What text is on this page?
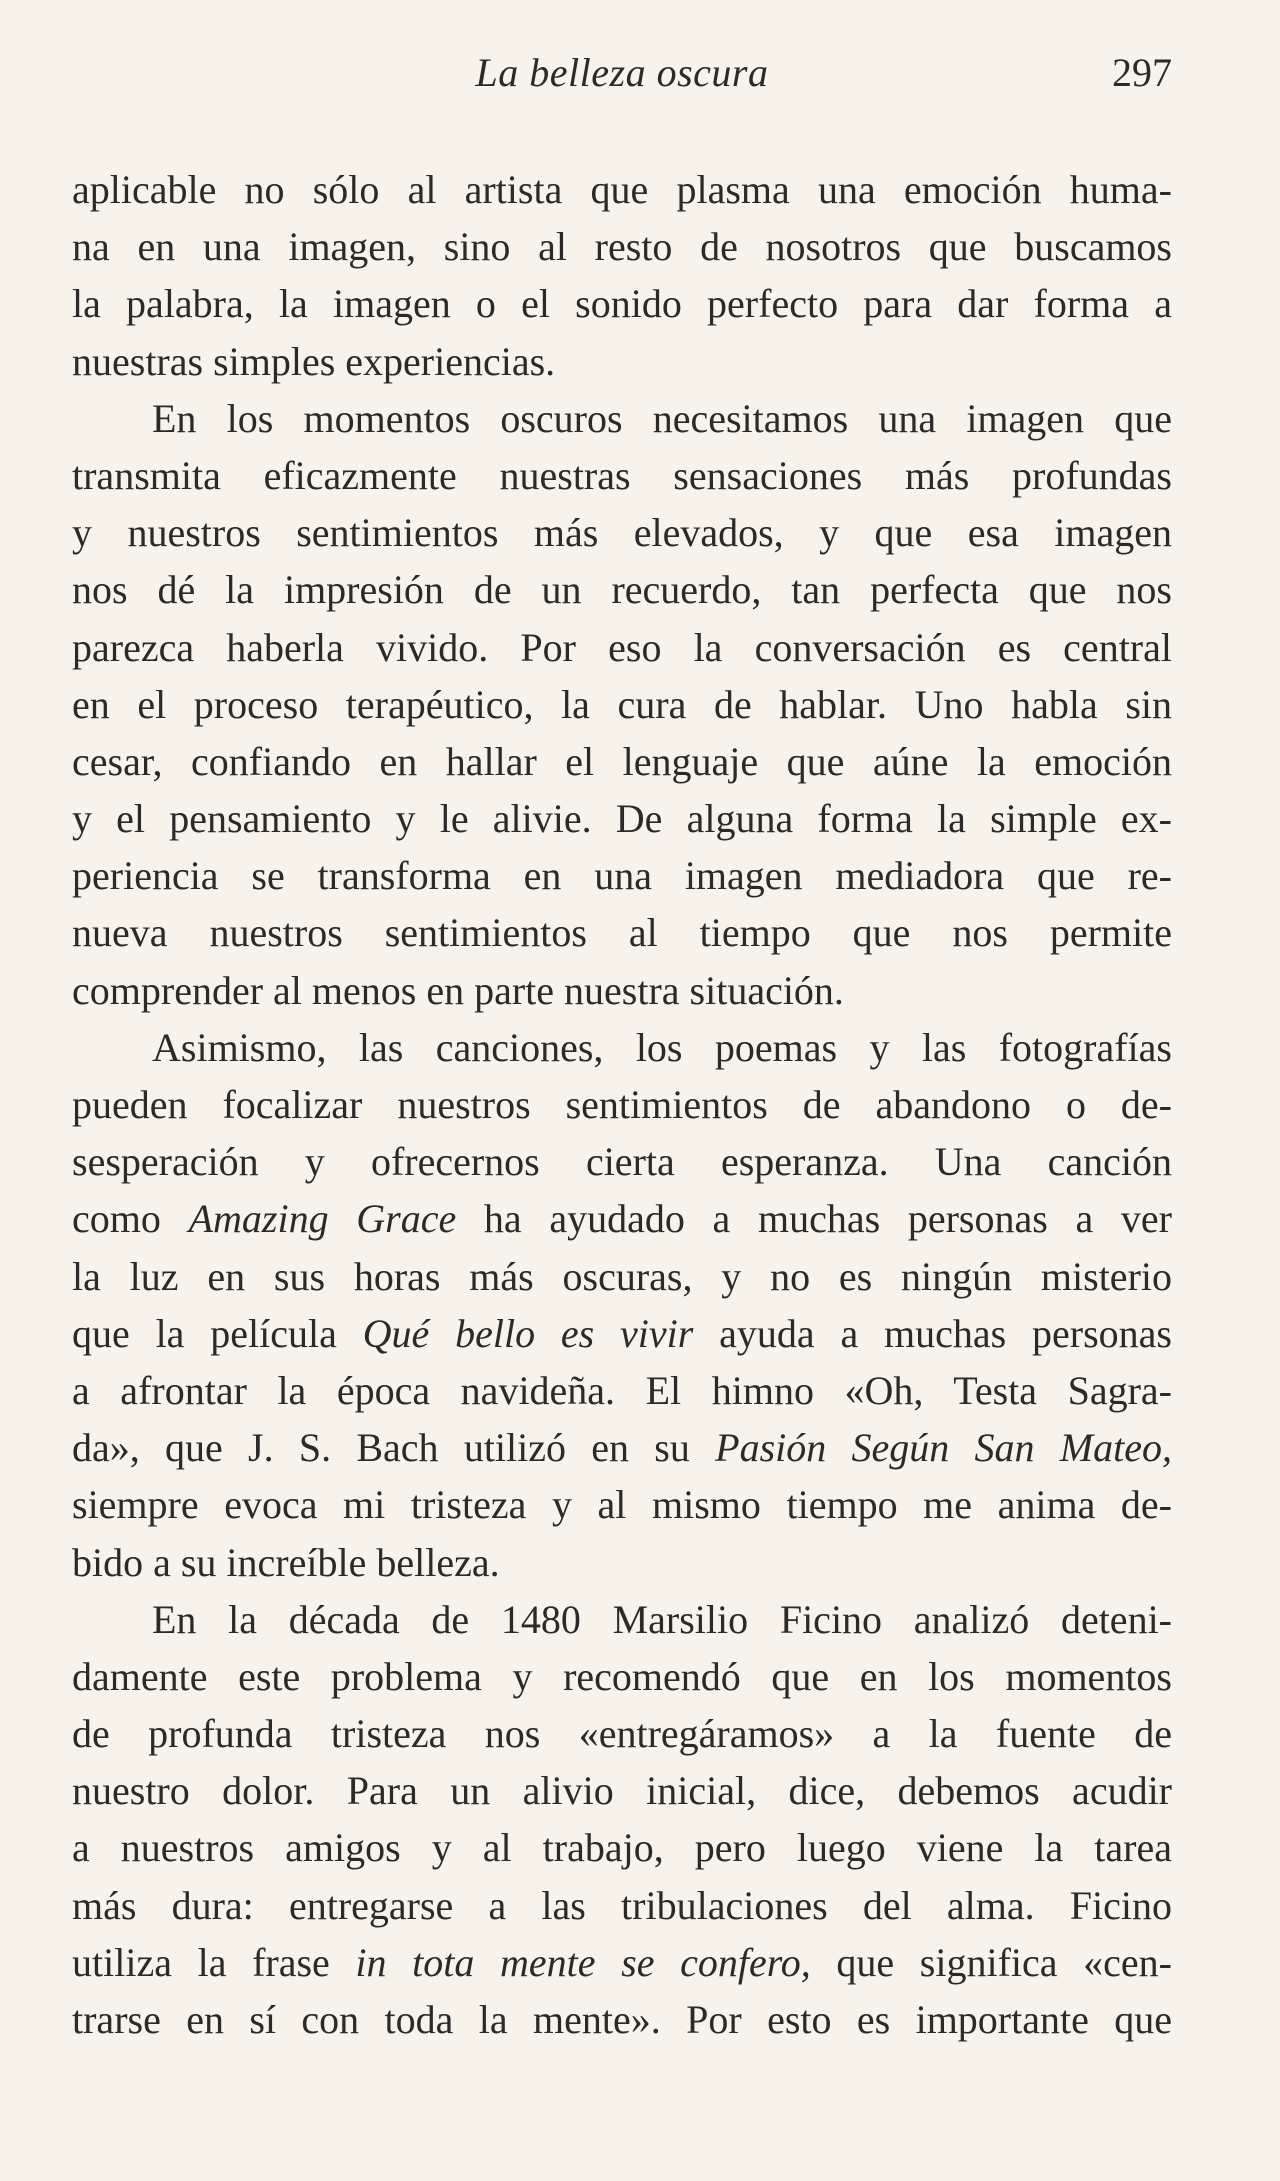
La belleza oscura	297
aplicable no sólo al artista que plasma una emoción huma-
na en una imagen, sino al resto de nosotros que buscamos
la palabra, la imagen o el sonido perfecto para dar forma a
nuestras simples experiencias.
En los momentos oscuros necesitamos una imagen que
transmita eficazmente nuestras sensaciones más profundas
y nuestros sentimientos más elevados, y que esa imagen
nos dé la impresión de un recuerdo, tan perfecta que nos
parezca haberla vivido. Por eso la conversación es central
en el proceso terapéutico, la cura de hablar. Uno habla sin
cesar, confiando en hallar el lenguaje que aúne la emoción
y el pensamiento y le alivie. De alguna forma la simple ex-
periencia se transforma en una imagen mediadora que re-
nueva nuestros sentimientos al tiempo que nos permite
comprender al menos en parte nuestra situación.
Asimismo, las canciones, los poemas y las fotografías
pueden focalizar nuestros sentimientos de abandono o de-
sesperación y ofrecernos cierta esperanza. Una canción
como Amazing Grace ha ayudado a muchas personas a ver
la luz en sus horas más oscuras, y no es ningún misterio
que la película Qué bello es vivir ayuda a muchas personas
a afrontar la época navideña. El himno «Oh, Testa Sagra-
da», que J. S. Bach utilizó en su Pasión Según San Mateo,
siempre evoca mi tristeza y al mismo tiempo me anima de-
bido a su increíble belleza.
En la década de 1480 Marsilio Ficino analizó deteni-
damente este problema y recomendó que en los momentos
de profunda tristeza nos «entregáramos» a la fuente de
nuestro dolor. Para un alivio inicial, dice, debemos acudir
a nuestros amigos y al trabajo, pero luego viene la tarea
más dura: entregarse a las tribulaciones del alma. Ficino
utiliza la frase in tota mente se confero, que significa «cen-
trarse en sí con toda la mente». Por esto es importante que
